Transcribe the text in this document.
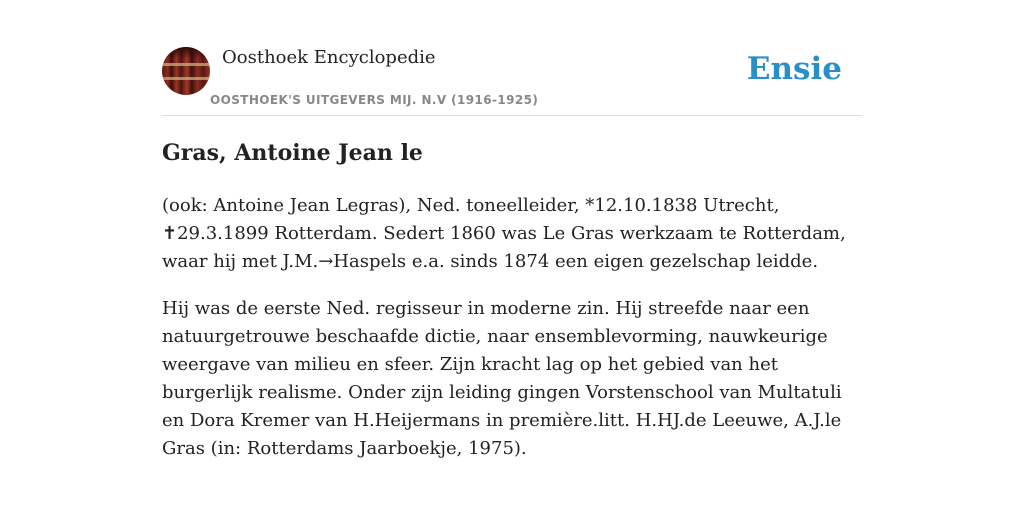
Oosthoek Encyclopedie
OOSTHOEK'S UITGEVERS MIJ. N.V (1916-1925)
Ensie
Gras, Antoine Jean le

(ook: Antoine Jean Legras), Ned. toneelleider, *12.10.1838 Utrecht, ✝29.3.1899 Rotterdam. Sedert 1860 was Le Gras werkzaam te Rotterdam, waar hij met J.M.→Haspels e.a. sinds 1874 een eigen gezelschap leidde.

Hij was de eerste Ned. regisseur in moderne zin. Hij streefde naar een natuurgetrouwe beschaafde dictie, naar ensemblevorming, nauwkeurige weergave van milieu en sfeer. Zijn kracht lag op het gebied van het burgerlijk realisme. Onder zijn leiding gingen Vorstenschool van Multatuli en Dora Kremer van H.Heijermans in première.litt. H.HJ.de Leeuwe, A.J.le Gras (in: Rotterdams Jaarboekje, 1975).
